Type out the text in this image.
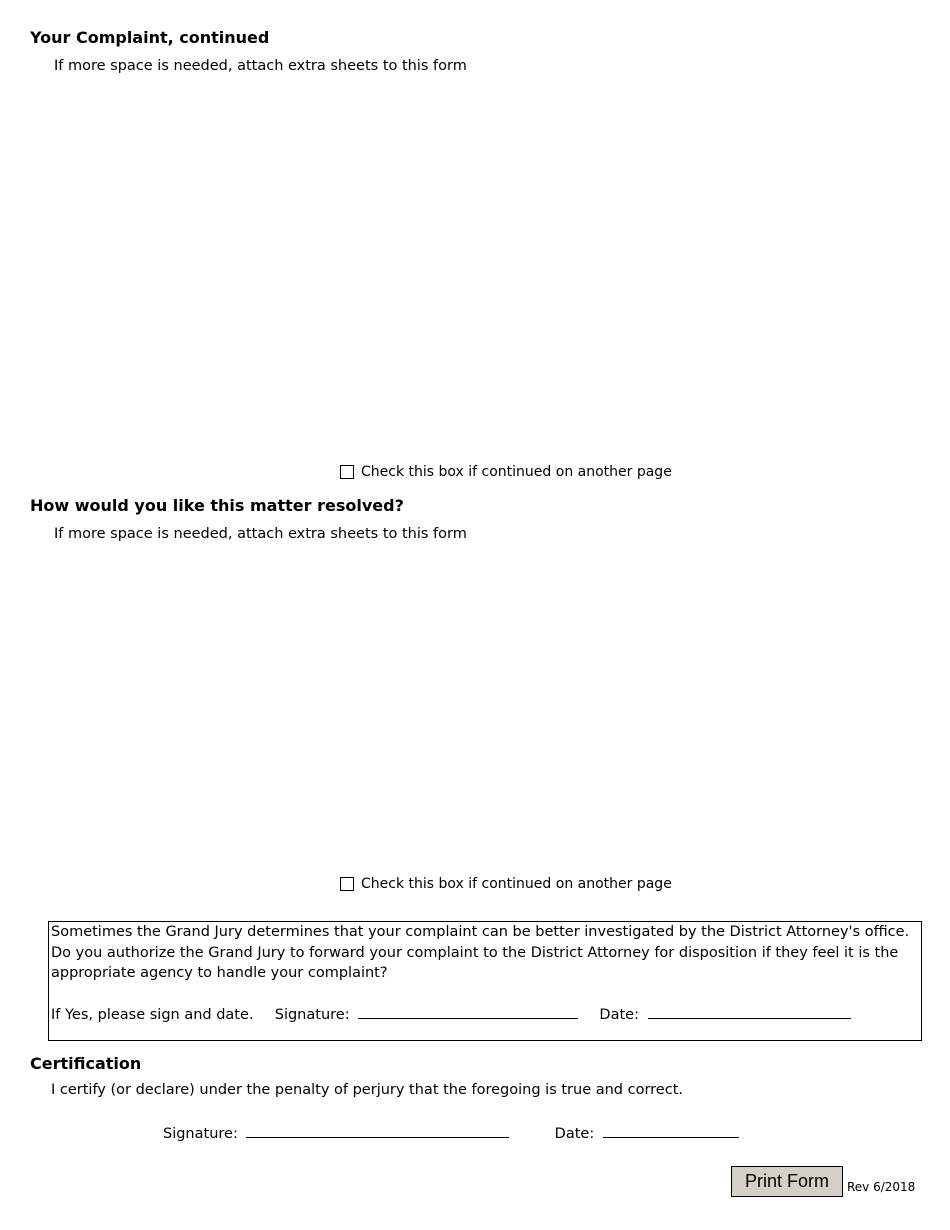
Your Complaint, continued
If more space is needed, attach extra sheets to this form
Check this box if continued on another page
How would you like this matter resolved?
If more space is needed, attach extra sheets to this form
Check this box if continued on another page
Sometimes the Grand Jury determines that your complaint can be better investigated by the District Attorney's office. Do you authorize the Grand Jury to forward your complaint to the District Attorney for disposition if they feel it is the appropriate agency to handle your complaint?
If Yes, please sign and date. Signature:	Date:
Certification
I certify (or declare) under the penalty of perjury that the foregoing is true and correct.
Signature:	Date:
Print Form	Rev 6/2018
